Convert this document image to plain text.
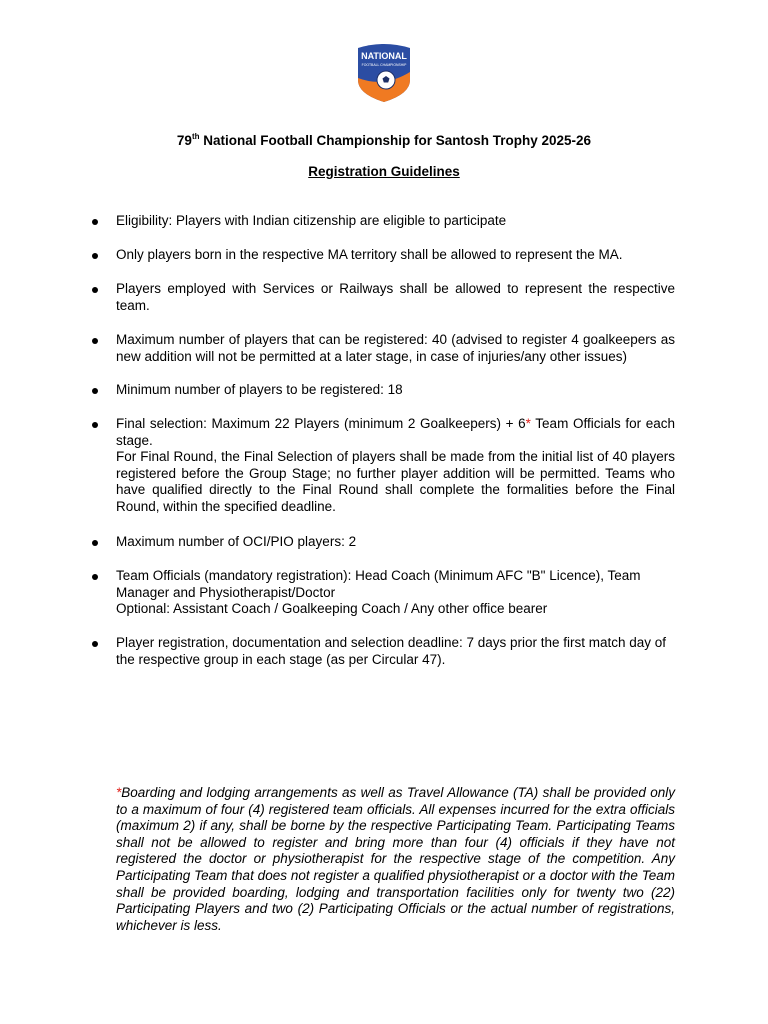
NATIONAL
FOOTBALL CHAMPIONSHIP
79th National Football Championship for Santosh Trophy 2025-26
Registration Guidelines

Eligibility: Players with Indian citizenship are eligible to participate

Only players born in the respective MA territory shall be allowed to represent the MA.

Players employed with Services or Railways shall be allowed to represent the respective team.

Maximum number of players that can be registered: 40 (advised to register 4 goalkeepers as new addition will not be permitted at a later stage, in case of injuries/any other issues)

Minimum number of players to be registered: 18

Final selection: Maximum 22 Players (minimum 2 Goalkeepers) + 6* Team Officials for each stage.

For Final Round, the Final Selection of players shall be made from the initial list of 40 players registered before the Group Stage; no further player addition will be permitted. Teams who have qualified directly to the Final Round shall complete the formalities before the Final Round, within the specified deadline.

Maximum number of OCI/PIO players: 2

Team Officials (mandatory registration): Head Coach (Minimum AFC "B" Licence), Team Manager and Physiotherapist/Doctor

Optional: Assistant Coach / Goalkeeping Coach / Any other office bearer

Player registration, documentation and selection deadline: 7 days prior the first match day of the respective group in each stage (as per Circular 47).

*Boarding and lodging arrangements as well as Travel Allowance (TA) shall be provided only to a maximum of four (4) registered team officials. All expenses incurred for the extra officials (maximum 2) if any, shall be borne by the respective Participating Team. Participating Teams shall not be allowed to register and bring more than four (4) officials if they have not registered the doctor or physiotherapist for the respective stage of the competition. Any Participating Team that does not register a qualified physiotherapist or a doctor with the Team shall be provided boarding, lodging and transportation facilities only for twenty two (22) Participating Players and two (2) Participating Officials or the actual number of registrations, whichever is less.
